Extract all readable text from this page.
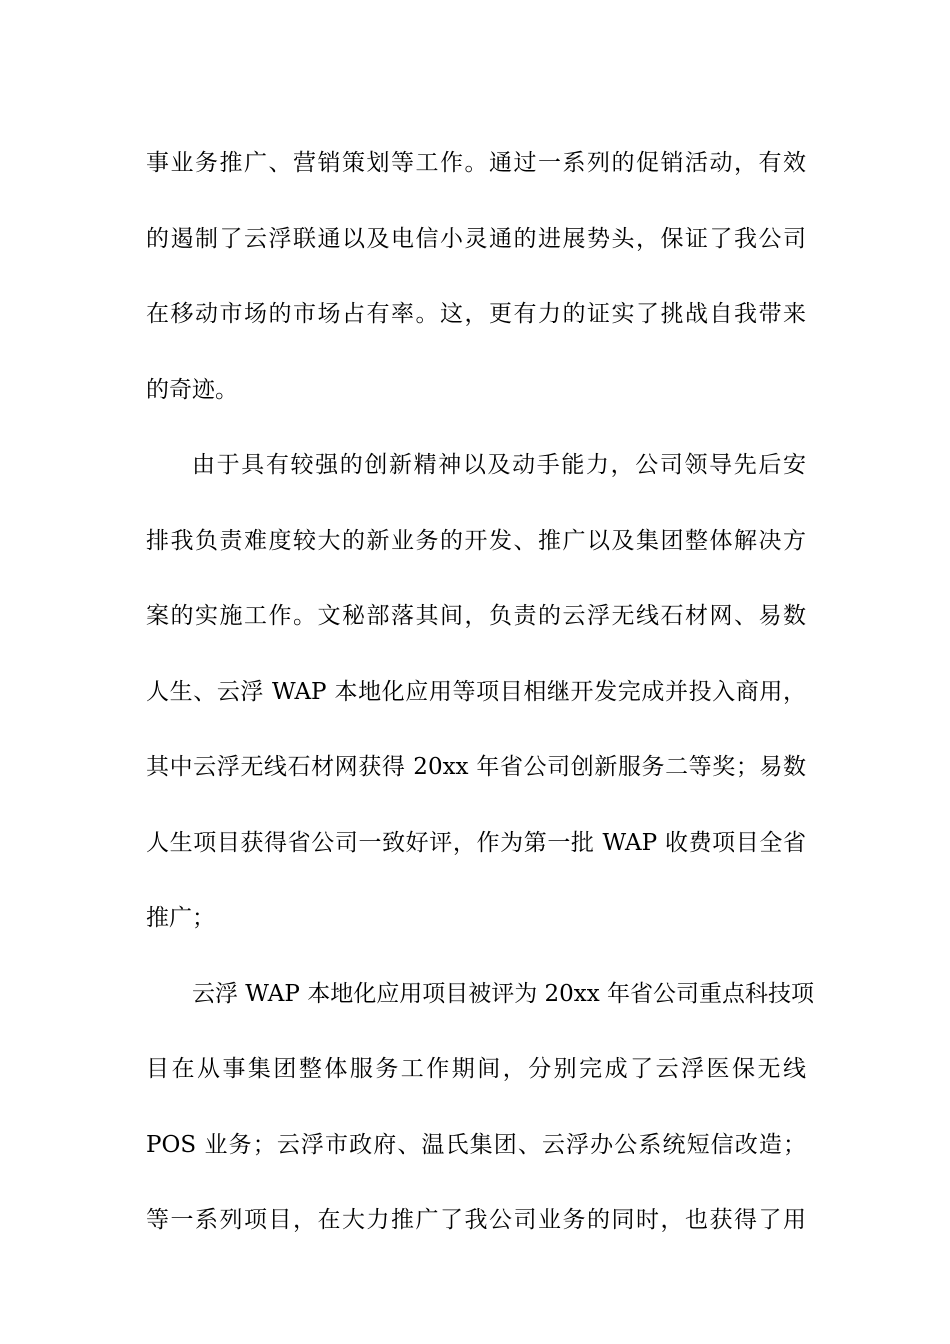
事业务推广、营销策划等工作。通过一系列的促销活动，有效
的遏制了云浮联通以及电信小灵通的进展势头，保证了我公司
在移动市场的市场占有率。这，更有力的证实了挑战自我带来
的奇迹。
由于具有较强的创新精神以及动手能力，公司领导先后安
排我负责难度较大的新业务的开发、推广以及集团整体解决方
案的实施工作。文秘部落其间，负责的云浮无线石材网、易数
人生、云浮 WAP 本地化应用等项目相继开发完成并投入商用，
其中云浮无线石材网获得 20xx 年省公司创新服务二等奖；易数
人生项目获得省公司一致好评，作为第一批 WAP 收费项目全省
推广；
云浮 WAP 本地化应用项目被评为 20xx 年省公司重点科技项
目在从事集团整体服务工作期间，分别完成了云浮医保无线
POS 业务；云浮市政府、温氏集团、云浮办公系统短信改造；
等一系列项目，在大力推广了我公司业务的同时，也获得了用
